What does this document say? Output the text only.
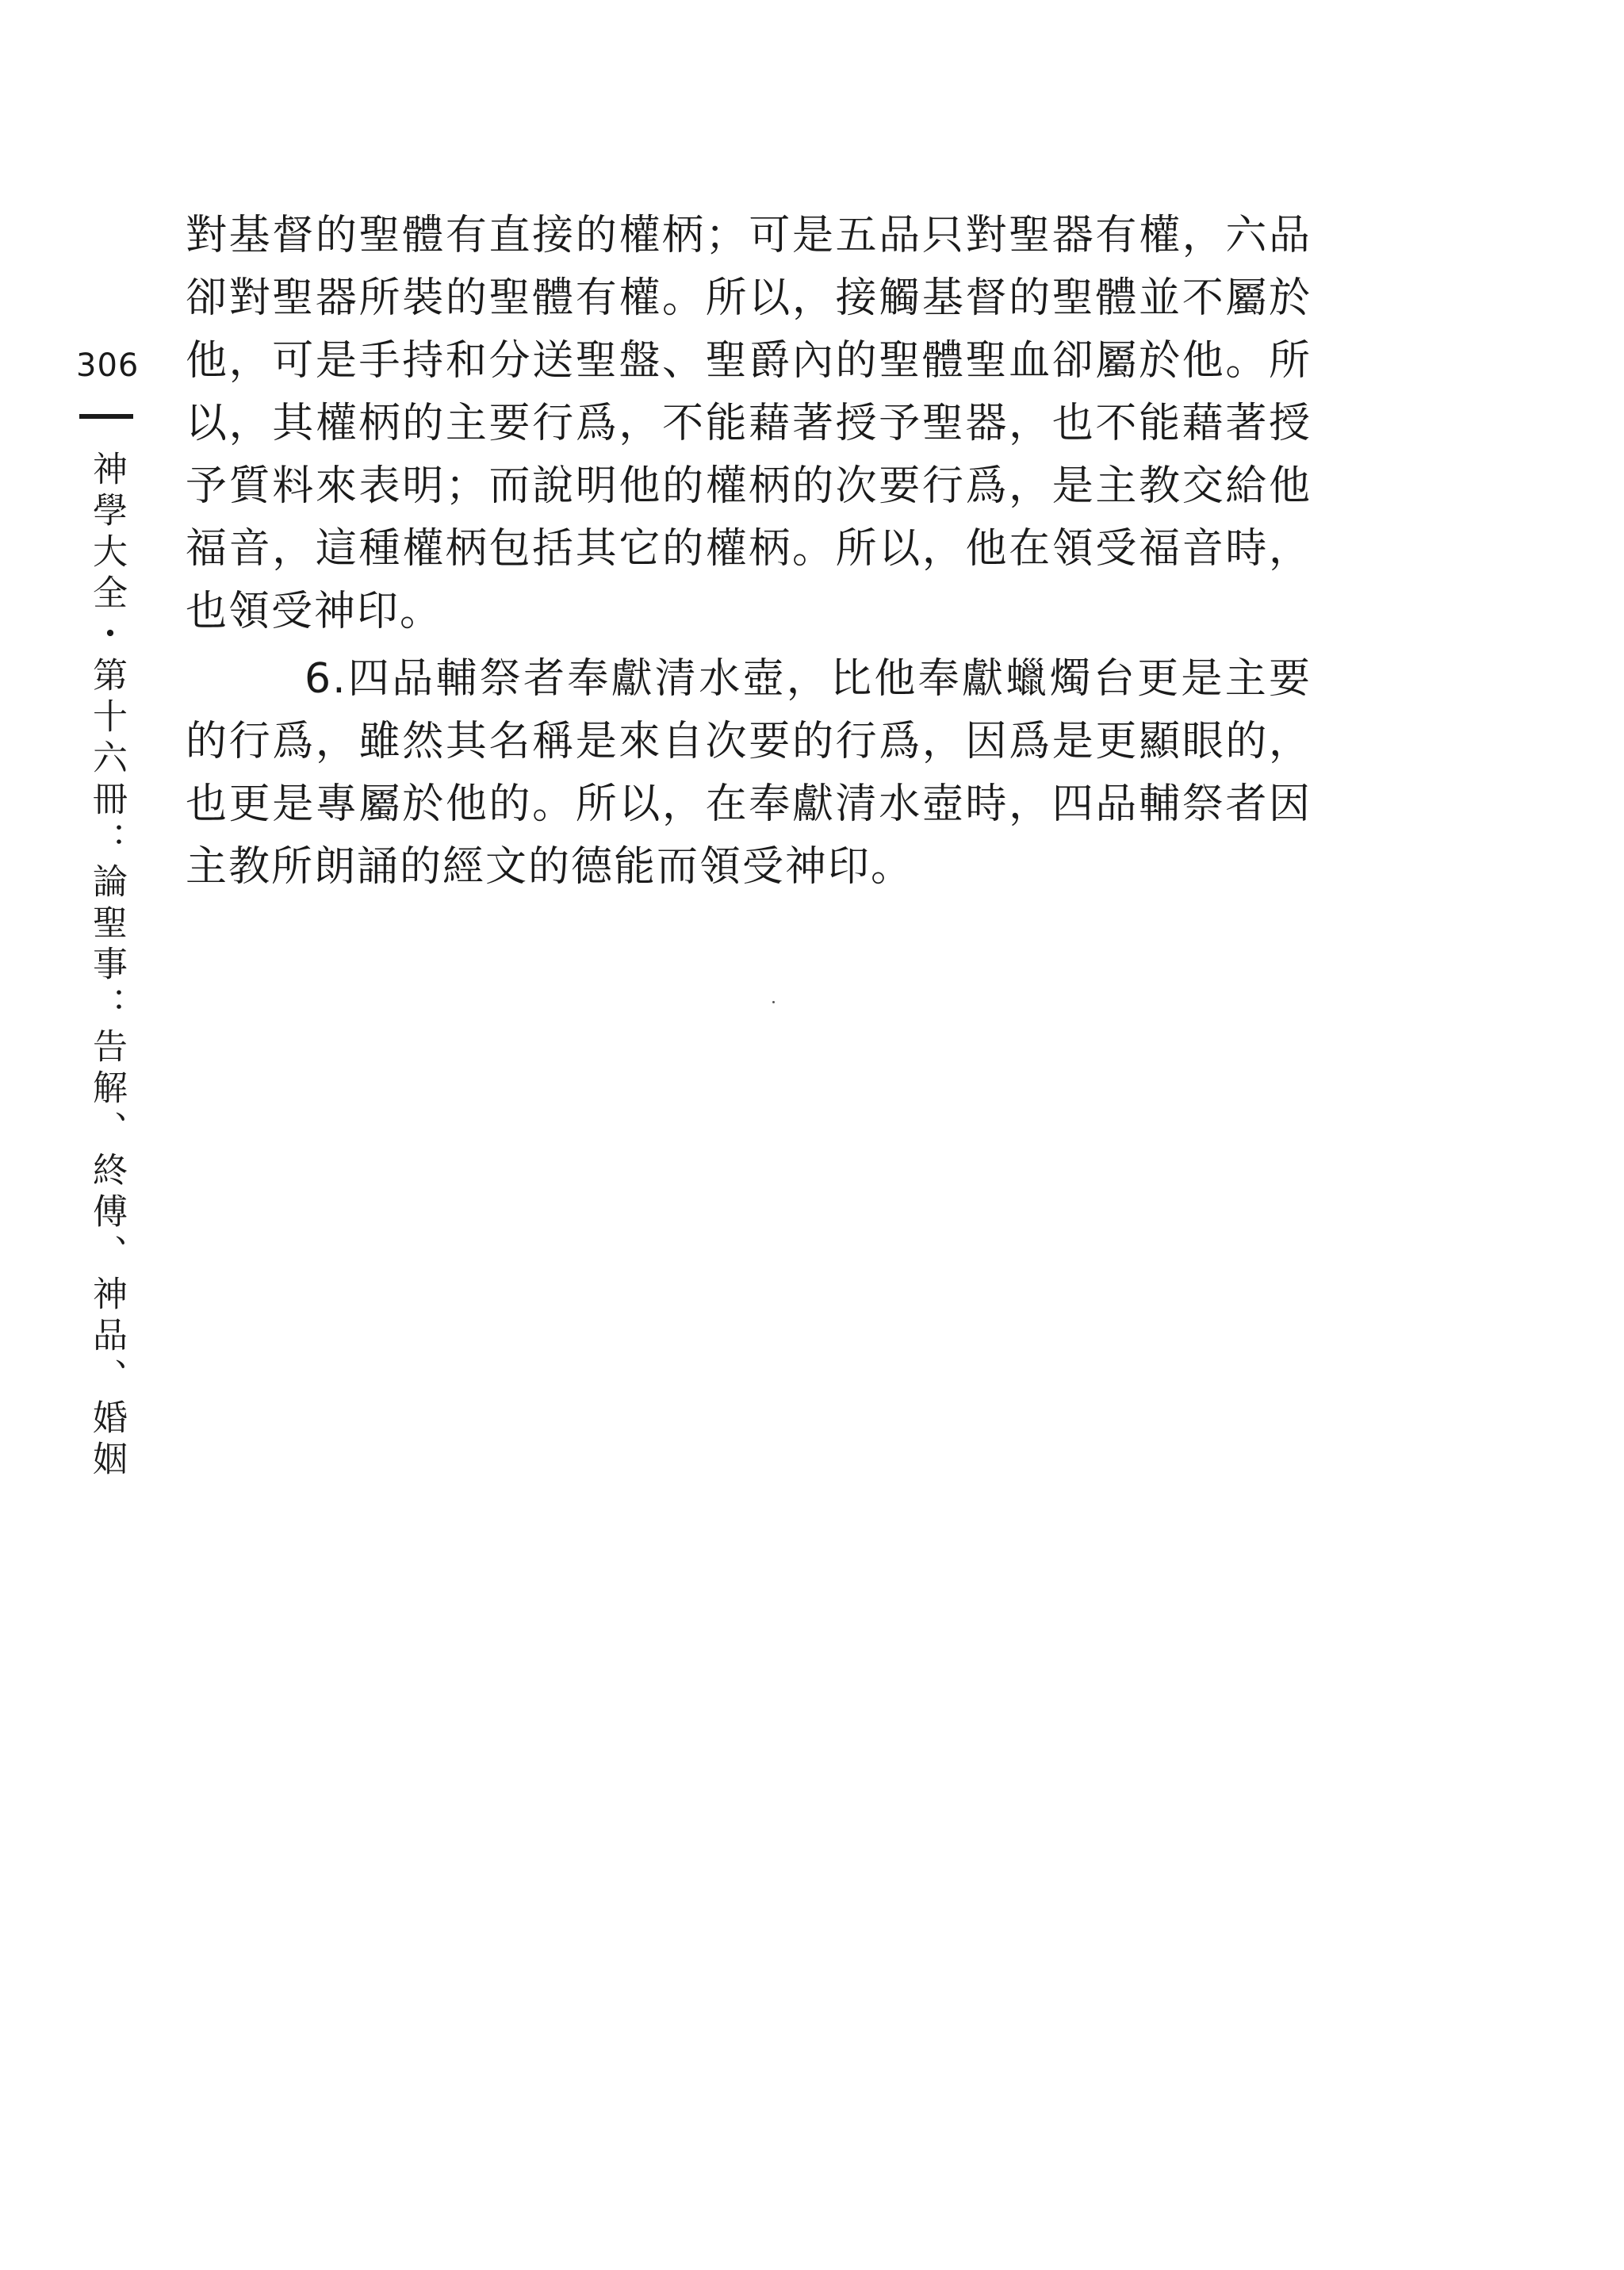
306
神學大全・第十六冊：論聖事：告解、終傅、神品、婚姻

對基督的聖體有直接的權柄；可是五品只對聖器有權，六品卻對聖器所裝的聖體有權。所以，接觸基督的聖體並不屬於他，可是手持和分送聖盤、聖爵內的聖體聖血卻屬於他。所以，其權柄的主要行爲，不能藉著授予聖器，也不能藉著授予質料來表明；而說明他的權柄的次要行爲，是主教交給他福音，這種權柄包括其它的權柄。所以，他在領受福音時，也領受神印。

6.四品輔祭者奉獻清水壺，比他奉獻蠟燭台更是主要的行爲，雖然其名稱是來自次要的行爲，因爲是更顯眼的，也更是專屬於他的。所以，在奉獻清水壺時，四品輔祭者因主教所朗誦的經文的德能而領受神印。
